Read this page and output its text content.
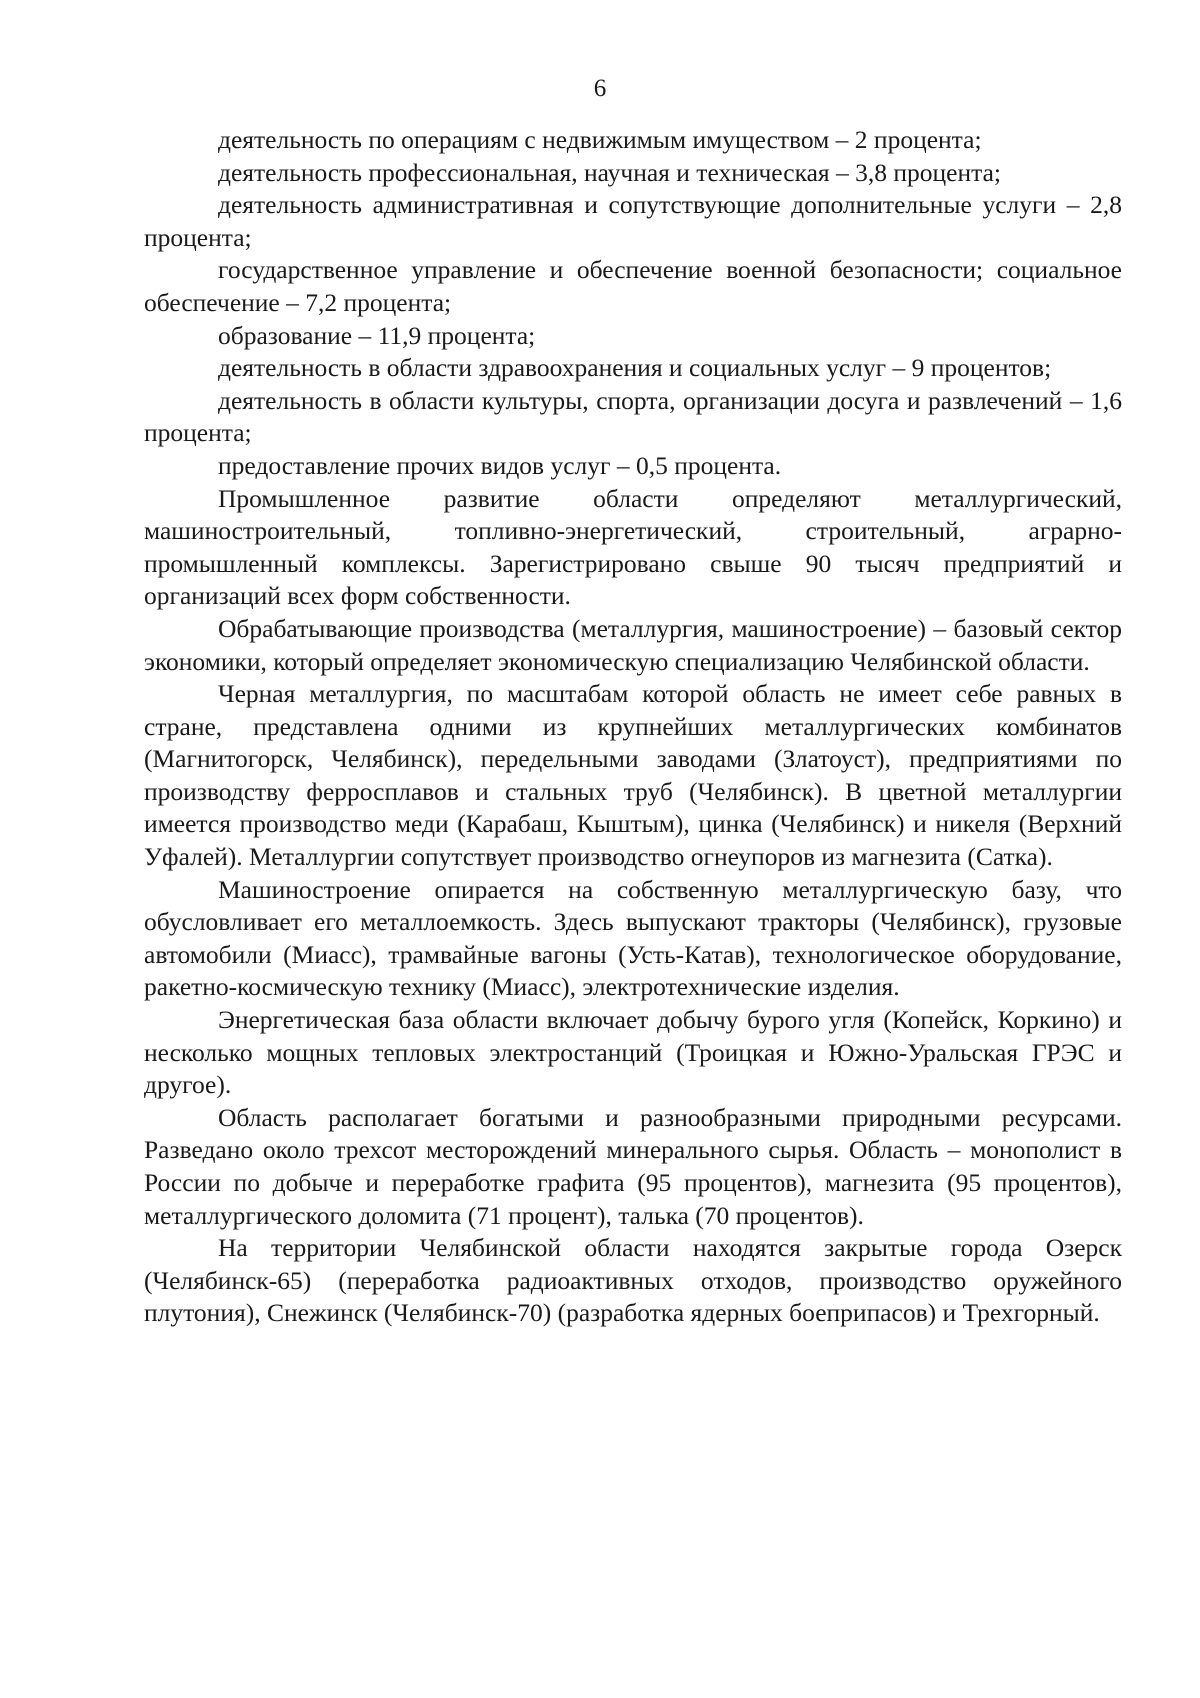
6

деятельность по операциям с недвижимым имуществом – 2 процента;

деятельность профессиональная, научная и техническая – 3,8 процента;

деятельность административная и сопутствующие дополнительные услуги – 2,8 процента;

государственное управление и обеспечение военной безопасности; социальное обеспечение – 7,2 процента;

образование – 11,9 процента;

деятельность в области здравоохранения и социальных услуг – 9 процентов;

деятельность в области культуры, спорта, организации досуга и развлечений – 1,6 процента;

предоставление прочих видов услуг – 0,5 процента.

Промышленное развитие области определяют металлургический, машиностроительный, топливно-энергетический, строительный, аграрно-промышленный комплексы. Зарегистрировано свыше 90 тысяч предприятий и организаций всех форм собственности.

Обрабатывающие производства (металлургия, машиностроение) – базовый сектор экономики, который определяет экономическую специализацию Челябинской области.

Черная металлургия, по масштабам которой область не имеет себе равных в стране, представлена одними из крупнейших металлургических комбинатов (Магнитогорск, Челябинск), передельными заводами (Златоуст), предприятиями по производству ферросплавов и стальных труб (Челябинск). В цветной металлургии имеется производство меди (Карабаш, Кыштым), цинка (Челябинск) и никеля (Верхний Уфалей). Металлургии сопутствует производство огнеупоров из магнезита (Сатка).

Машиностроение опирается на собственную металлургическую базу, что обусловливает его металлоемкость. Здесь выпускают тракторы (Челябинск), грузовые автомобили (Миасс), трамвайные вагоны (Усть-Катав), технологическое оборудование, ракетно-космическую технику (Миасс), электротехнические изделия.

Энергетическая база области включает добычу бурого угля (Копейск, Коркино) и несколько мощных тепловых электростанций (Троицкая и Южно-Уральская ГРЭС и другое).

Область располагает богатыми и разнообразными природными ресурсами. Разведано около трехсот месторождений минерального сырья. Область – монополист в России по добыче и переработке графита (95 процентов), магнезита (95 процентов), металлургического доломита (71 процент), талька (70 процентов).

На территории Челябинской области находятся закрытые города Озерск (Челябинск-65) (переработка радиоактивных отходов, производство оружейного плутония), Снежинск (Челябинск-70) (разработка ядерных боеприпасов) и Трехгорный.
